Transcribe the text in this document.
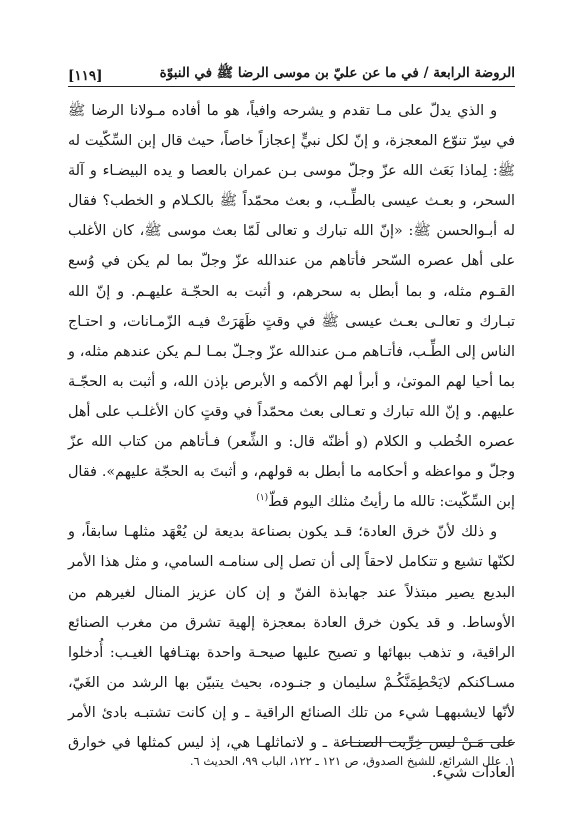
الروضة الرابعة / في ما عن عليّ بن موسى الرضا ﷺ في النبوّة
[١١٩]

و الذي يدلّ على مـا تقدم و يشرحه وافياً، هو ما أفاده مـولانا الرضا ﷺ في سِرّ تنوّع المعجزة، و إنّ لكل نبيٍّ إعجازاً خاصاً، حيث قال إبن السِّكّيت له ﷺ: لِماذا بَعَث الله عزّ وجلّ موسى بـن عمران بالعصا و يده البيضـاء و آلة السحر، و بعـث عيسى بالطِّـب، و بعث محمّداً ﷺ بالكـلام و الخطب؟ فقال له أبـوالحسن ﷺ: «إنّ الله تبارك و تعالى لَمّا بعث موسى ﷺ، كان الأغلب على أهل عصره السّحر فأتاهم من عندالله عزّ وجلّ بما لم يكن في وُسع القـوم مثله، و بما أبطل به سحرهم، و أثبت به الحجّـة عليهـم. و إنّ الله تبـارك و تعالـى بعـث عيسى ﷺ في وقتٍ ظَهَرَتْ فيـه الزّمـانات، و احتـاج الناس إلى الطِّـب، فأتـاهم مـن عندالله عزّ وجـلّ بمـا لـم يكن عندهم مثله، و بما أحيا لهم الموتىٰ، و أبرأ لهم الأكمه و الأبرص بإذن الله، و أثبت به الحجّـة عليهم. و إنّ الله تبارك و تعـالى بعث محمّداً في وقتٍ كان الأغلـب على أهل عصره الخُطب و الكلام (و أظنّه قال: و الشِّعر) فـأتاهم من كتاب الله عزّ وجلّ و مواعظه و أحكامه ما أبطل به قولهم، و أثبتَ به الحجّة عليهم». فقال إبن السِّكّيت: تالله ما رأيتُ مثلك اليوم قطّ$^{(١)}$

و ذلك لأنّ خرق العادة؛ قـد يكون بصناعة بديعة لن يُعْهَد مثلهـا سابقاً، و لكنّها تشيع و تتكامل لاحقاً إلى أن تصل إلى سنامـه السامي، و مثل هذا الأمر البديع يصير مبتذلاً عند جهابذة الفنّ و إن كان عزيز المنال لغيرهم من الأوساط. و قد يكون خرق العادة بمعجزة إلهية تشرق من مغرب الصنائع الراقية، و تذهب ببهائها و تصيح عليها صيحـة واحدة بهتـافها الغيـب: أُدخلوا مسـاكنكم لايَحْطِمَنَّكُـمْ سليمان و جنـوده، بحيث يتبيّن بها الرشد من الغَيّ، لأنّها لايشبههـا شيء من تلك الصنائع الراقية ـ و إن كانت تشتبـه بادئ الأمر على مَـنْ ليس خِرِّيت الصنـاعة ـ و لاتماثلهـا هي، إذ ليس كمثلها في خوارق العادات شيء.

١. علل الشرائع، للشيخ الصدوق، ص ١٢١ ـ ١٢٢، الباب ٩٩، الحديث ٦.
